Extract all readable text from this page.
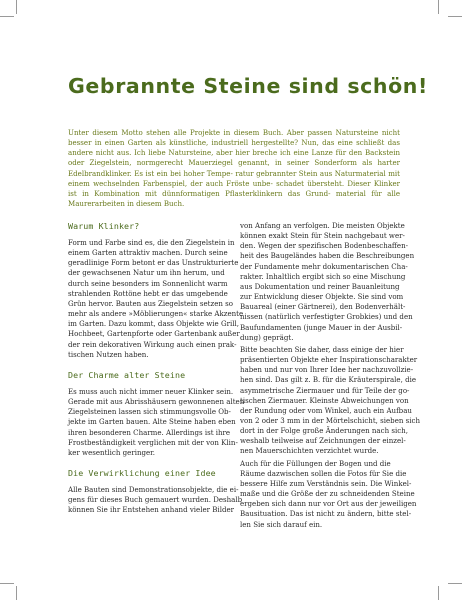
Gebrannte Steine sind schön!
Unter diesem Motto stehen alle Projekte in diesem Buch. Aber passen Natursteine nicht besser in einen Garten als künstliche, industriell hergestellte? Nun, das eine schließt das andere nicht aus. Ich liebe Natursteine, aber hier breche ich eine Lanze für den Backstein oder Ziegelstein, normgerecht Mauerziegel genannt, in seiner Sonderform als harter Edelbrandklinker. Es ist ein bei hoher Tempe- ratur gebrannter Stein aus Naturmaterial mit einem wechselnden Farbenspiel, der auch Fröste unbe- schadet übersteht. Dieser Klinker ist in Kombination mit dünnformatigen Pflasterklinkern das Grund- material für alle Maurerarbeiten in diesem Buch.
Warum Klinker?

Form und Farbe sind es, die den Ziegelstein in
einem Garten attraktiv machen. Durch seine
geradlinige Form betont er das Unstrukturierte
der gewachsenen Natur um ihn herum, und
durch seine besonders im Sonnenlicht warm
strahlenden Rottöne hebt er das umgebende
Grün hervor. Bauten aus Ziegelstein setzen so
mehr als andere »Möblierungen« starke Akzente
im Garten. Dazu kommt, dass Objekte wie Grill,
Hochbeet, Gartenpforte oder Gartenbank außer
der rein dekorativen Wirkung auch einen prak-
tischen Nutzen haben.

Der Charme alter Steine

Es muss auch nicht immer neuer Klinker sein.
Gerade mit aus Abrisshäusern gewonnenen alten
Ziegelsteinen lassen sich stimmungsvolle Ob-
jekte im Garten bauen. Alte Steine haben eben
ihren besonderen Charme. Allerdings ist ihre
Frostbeständigkeit verglichen mit der von Klin-
ker wesentlich geringer.

Die Verwirklichung einer Idee

Alle Bauten sind Demonstrationsobjekte, die ei-
gens für dieses Buch gemauert wurden. Deshalb
können Sie ihr Entstehen anhand vieler Bilder

von Anfang an verfolgen. Die meisten Objekte
können exakt Stein für Stein nachgebaut wer-
den. Wegen der spezifischen Bodenbeschaffen-
heit des Baugeländes haben die Beschreibungen
der Fundamente mehr dokumentarischen Cha-
rakter. Inhaltlich ergibt sich so eine Mischung
aus Dokumentation und reiner Bauanleitung
zur Entwicklung dieser Objekte. Sie sind vom
Bauareal (einer Gärtnerei), den Bodenverhält-
nissen (natürlich verfestigter Grobkies) und den
Baufundamenten (junge Mauer in der Ausbil-
dung) geprägt.

Bitte beachten Sie daher, dass einige der hier
präsentierten Objekte eher Inspirationscharakter
haben und nur von Ihrer Idee her nachzuvollzie-
hen sind. Das gilt z. B. für die Kräuterspirale, die
asymmetrische Ziermauer und für Teile der go-
tischen Ziermauer. Kleinste Abweichungen von
der Rundung oder vom Winkel, auch ein Aufbau
von 2 oder 3 mm in der Mörtelschicht, sieben sich
dort in der Folge große Änderungen nach sich,
weshalb teilweise auf Zeichnungen der einzel-
nen Mauerschichten verzichtet wurde.

Auch für die Füllungen der Bogen und die
Räume dazwischen sollen die Fotos für Sie die
bessere Hilfe zum Verständnis sein. Die Winkel-
maße und die Größe der zu schneidenden Steine
ergeben sich dann nur vor Ort aus der jeweiligen
Bausituation. Das ist nicht zu ändern, bitte stel-
len Sie sich darauf ein.
